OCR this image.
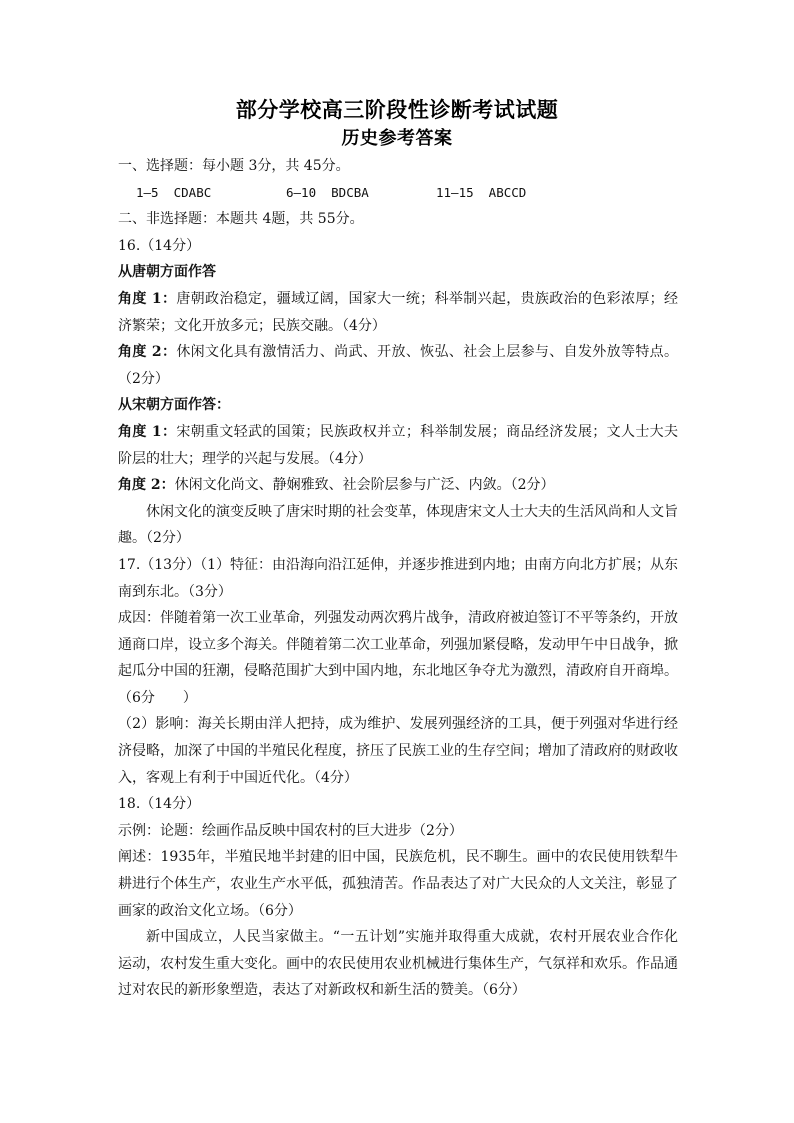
部分学校高三阶段性诊断考试试题
历史参考答案
一、选择题：每小题 3分，共 45分。
1—5  CDABC	6—10  BDCBA	11—15  ABCCD
二、非选择题：本题共 4题，共 55分。
16.（14分）
从唐朝方面作答
角度 1：唐朝政治稳定，疆域辽阔，国家大一统；科举制兴起，贵族政治的色彩浓厚；经济繁荣；文化开放多元；民族交融。（4分）
角度 2：休闲文化具有激情活力、尚武、开放、恢弘、社会上层参与、自发外放等特点。（2分）
从宋朝方面作答：
角度 1：宋朝重文轻武的国策；民族政权并立；科举制发展；商品经济发展；文人士大夫阶层的壮大；理学的兴起与发展。（4分）
角度 2：休闲文化尚文、静娴雅致、社会阶层参与广泛、内敛。（2分）
休闲文化的演变反映了唐宋时期的社会变革，体现唐宋文人士大夫的生活风尚和人文旨趣。（2分）
17.（13分）（1）特征：由沿海向沿江延伸，并逐步推进到内地；由南方向北方扩展；从东南到东北。（3分）
成因：伴随着第一次工业革命，列强发动两次鸦片战争，清政府被迫签订不平等条约，开放通商口岸，设立多个海关。伴随着第二次工业革命，列强加紧侵略，发动甲午中日战争，掀起瓜分中国的狂潮，侵略范围扩大到中国内地，东北地区争夺尤为激烈，清政府自开商埠。（6分　　）
（2）影响：海关长期由洋人把持，成为维护、发展列强经济的工具，便于列强对华进行经济侵略，加深了中国的半殖民化程度，挤压了民族工业的生存空间；增加了清政府的财政收入，客观上有利于中国近代化。（4分）
18.（14分）
示例：论题：绘画作品反映中国农村的巨大进步（2分）
阐述：1935年，半殖民地半封建的旧中国，民族危机，民不聊生。画中的农民使用铁犁牛耕进行个体生产，农业生产水平低，孤独清苦。作品表达了对广大民众的人文关注，彰显了画家的政治文化立场。（6分）
新中国成立，人民当家做主。“一五计划”实施并取得重大成就，农村开展农业合作化运动，农村发生重大变化。画中的农民使用农业机械进行集体生产，气氛祥和欢乐。作品通过对农民的新形象塑造，表达了对新政权和新生活的赞美。（6分）
